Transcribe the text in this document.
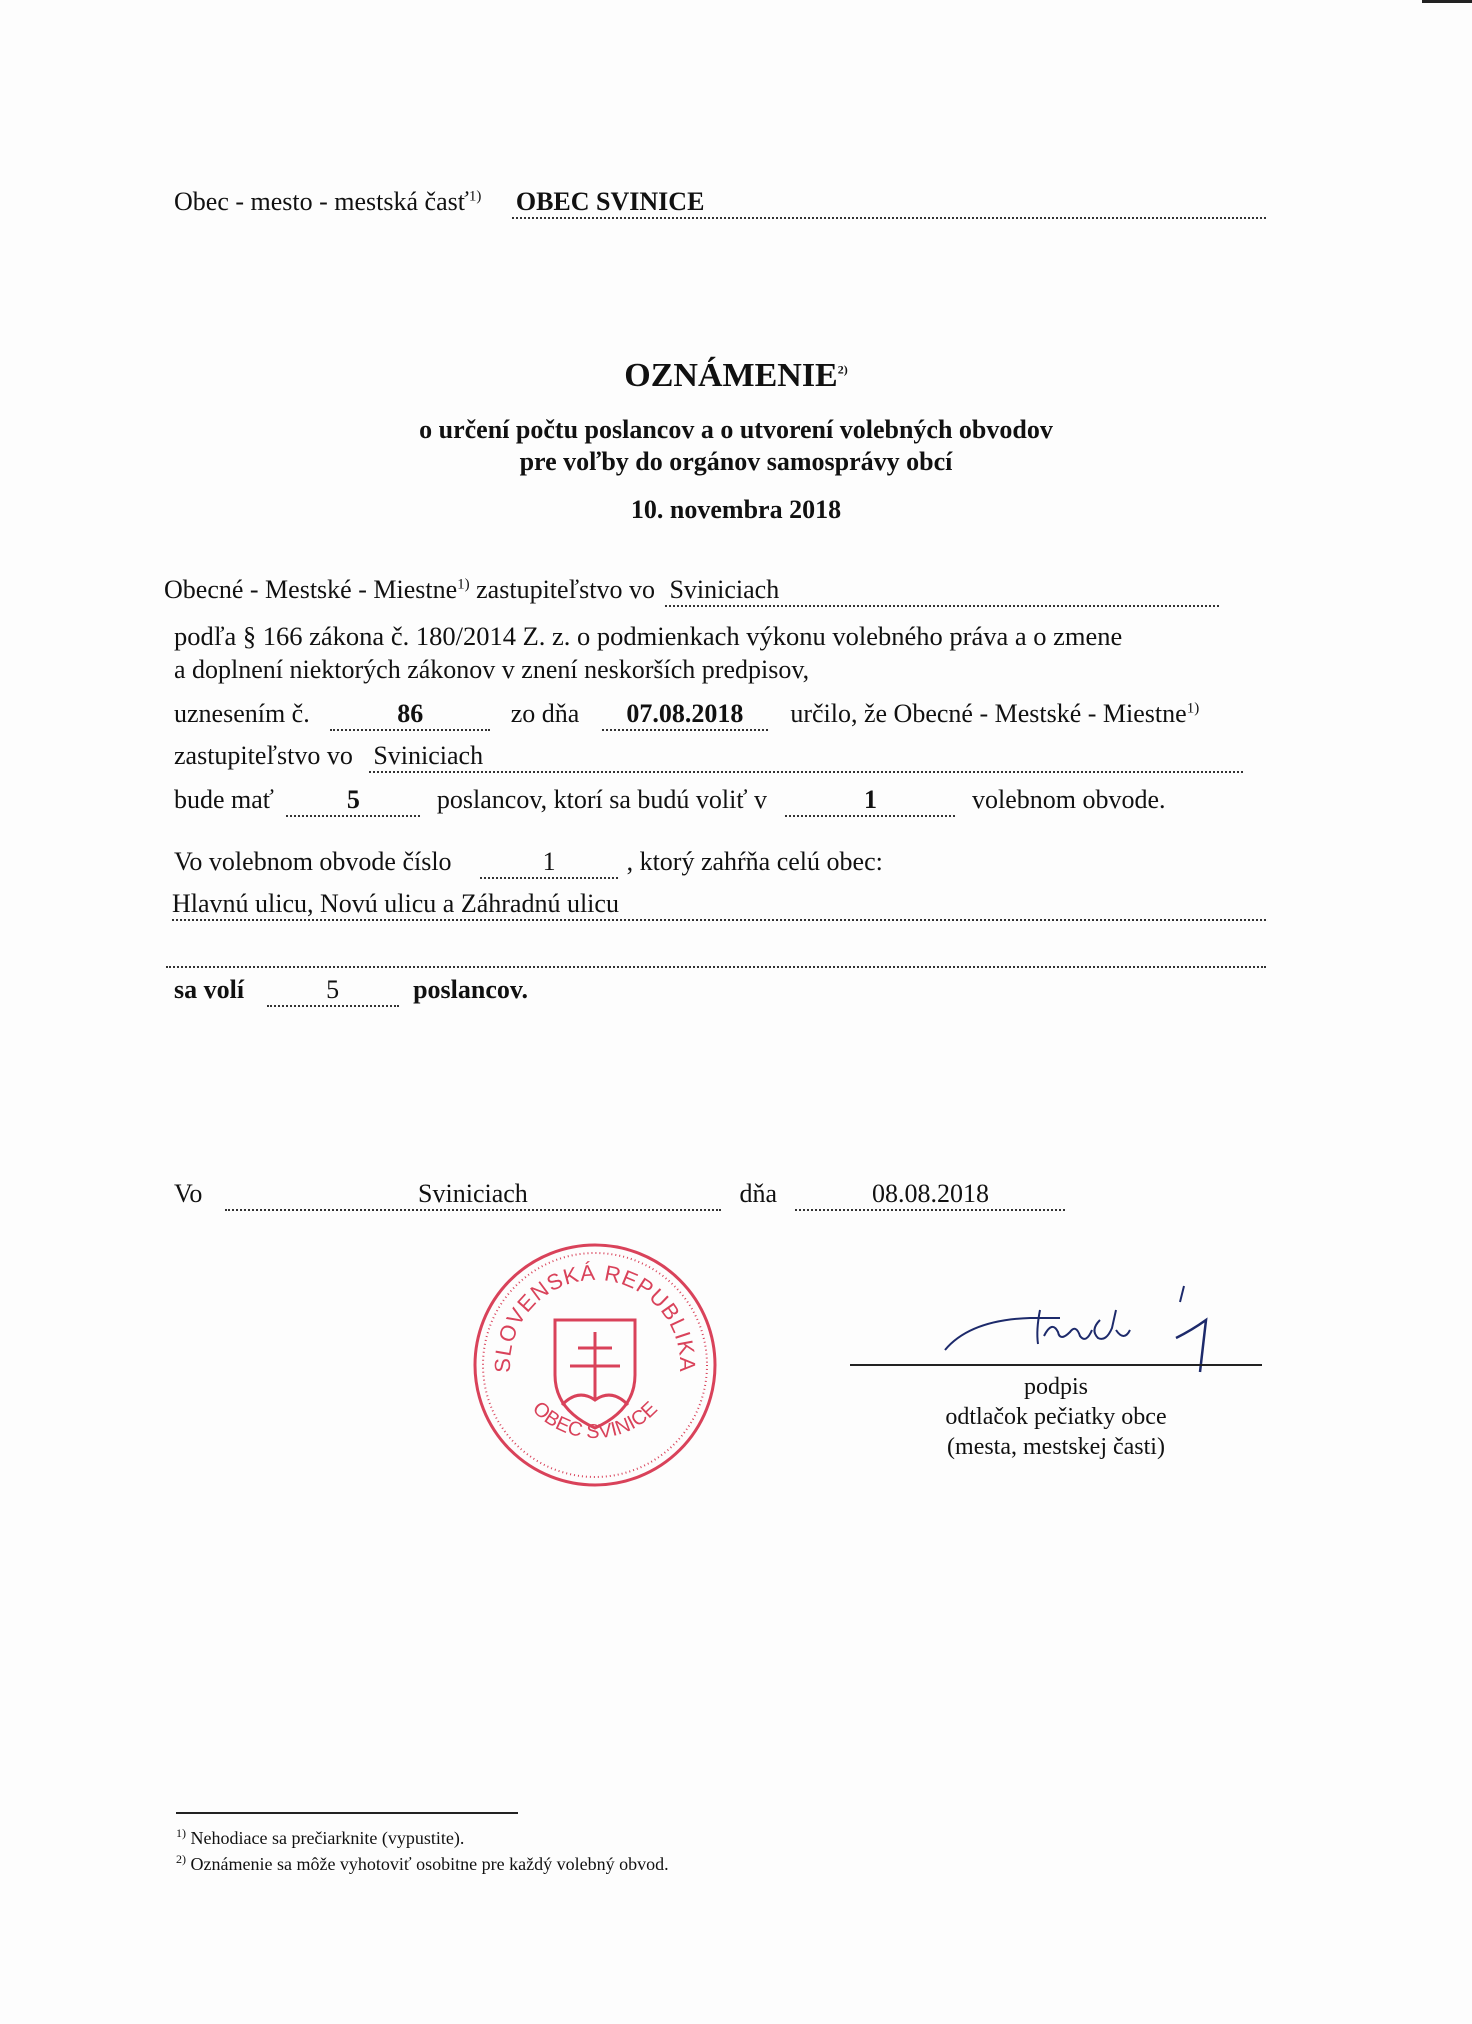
Obec - mesto - mestská časť$^{1)}$ OBEC SVINICE
OZNÁMENIE$^{2)}$
o určení počtu poslancov a o utvorení volebných obvodov
pre voľby do orgánov samosprávy obcí
10. novembra 2018
Obecné - Mestské - Miestne$^{1)}$ zastupiteľstvo vo Sviniciach
podľa § 166 zákona č. 180/2014 Z. z. o podmienkach výkonu volebného práva a o zmene
a doplnení niektorých zákonov v znení neskorších predpisov,
uznesením č.	86	zo dňa 07.08.2018 určilo, že Obecné - Mestské - Miestne$^{1)}$
zastupiteľstvo vo Sviniciach
bude mať	5	poslancov, ktorí sa budú voliť v	1	volebnom obvode.
Vo volebnom obvode číslo	1	, ktorý zahŕňa celú obec:
Hlavnú ulicu, Novú ulicu a Záhradnú ulicu
sa volí	5	poslancov.
Vo	Sviniciach	dňa	08.08.2018
SLOVENSKÁ REPUBLIKA
OBEC SVINICE
podpis
odtlačok pečiatky obce
(mesta, mestskej časti)
$^{1)}$ Nehodiace sa prečiarknite (vypustite).
$^{2)}$ Oznámenie sa môže vyhotoviť osobitne pre každý volebný obvod.
